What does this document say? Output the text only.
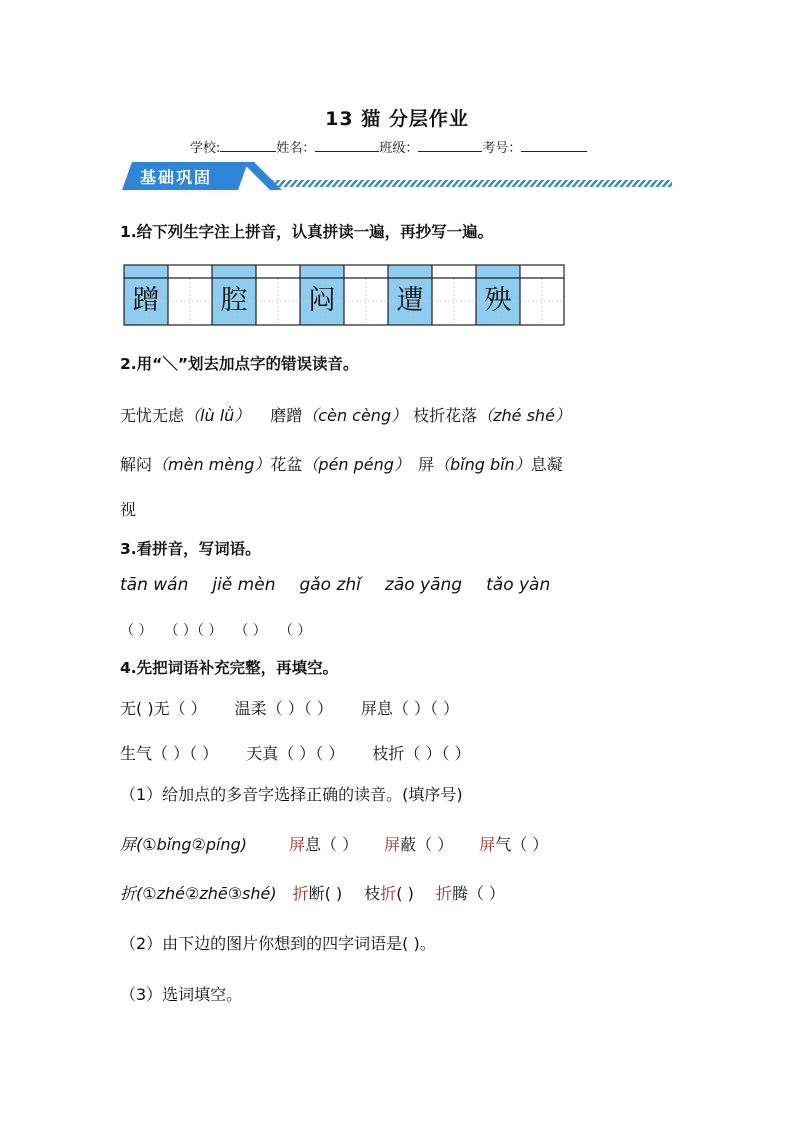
13 猫 分层作业
学校:	姓名：	班级：	考号：
基础巩固
1.给下列生字注上拼音，认真拼读一遍，再抄写一遍。
蹭	腔	闷	遭	殃
2.用“＼”划去加点字的错误读音。
无忧无虑（lù lǜ） 磨蹭（cèn cèng） 枝折花落（zhé shé）
解闷（mèn mèng）花盆（pén péng） 屏（bǐng bǐn）息凝
视
3.看拼音，写词语。
tān wán jiě mèn gǎo zhǐ zāo yāng tǎo yàn
（ ） （ ）（ ） （ ） （ ）
4.先把词语补充完整，再填空。
无( )无（ ） 温柔（ ）（ ） 屏息（ ）（ ）
生气（ ）（ ） 天真（ ）（ ） 枝折（ ）（ ）
（1）给加点的多音字选择正确的读音。(填序号)
屏(①bǐng②píng)	屏息（ ） 屏蔽（ ） 屏气（ ）
折(①zhé②zhē③shé) 折断( ) 枝折( ) 折腾（ ）
（2）由下边的图片你想到的四字词语是( )。
（3）选词填空。
